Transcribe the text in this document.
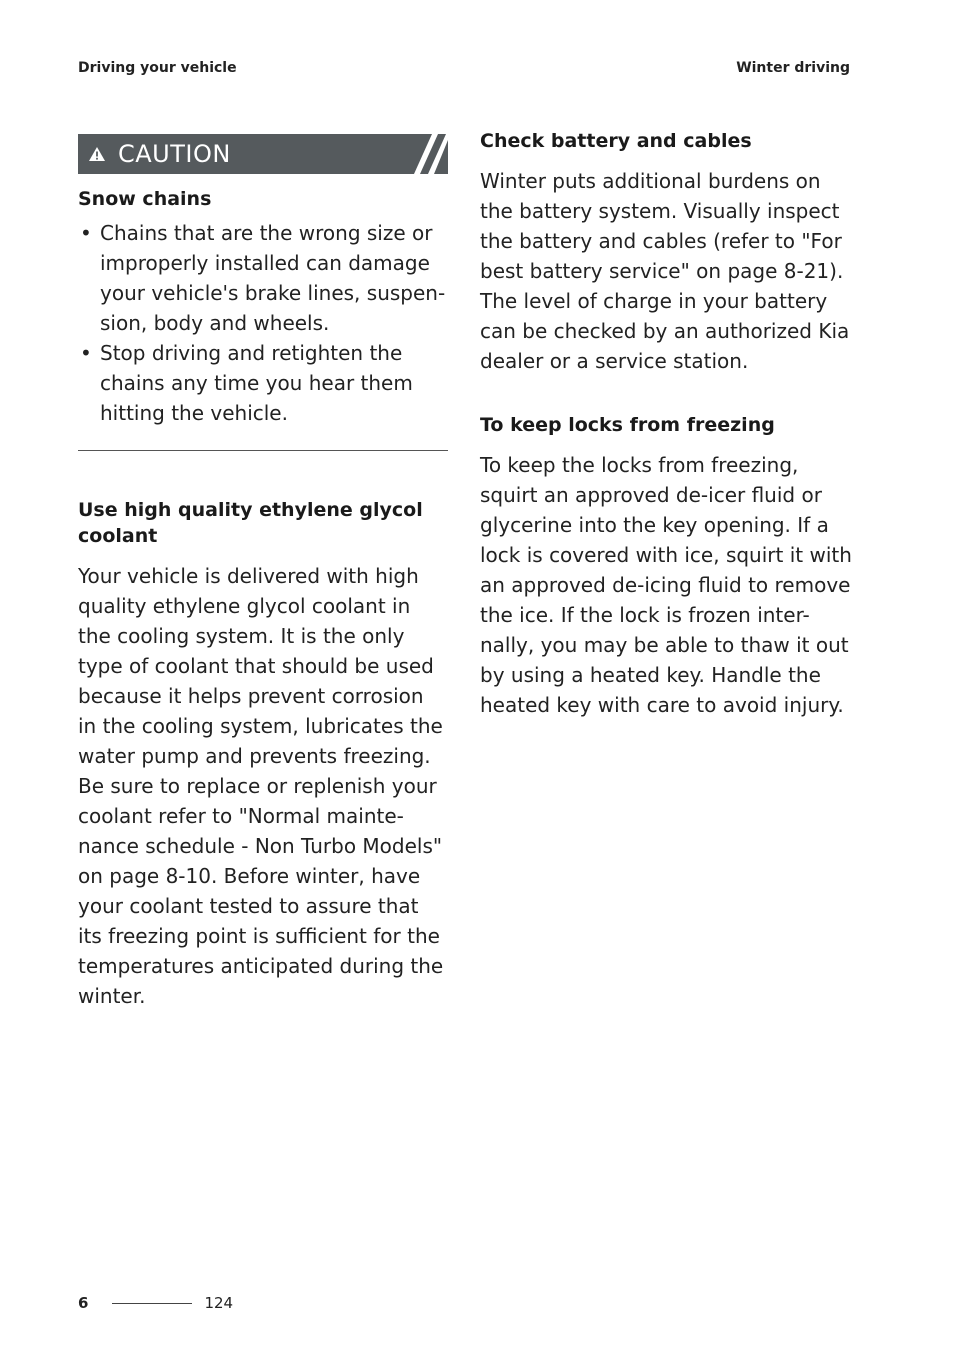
Driving your vehicle	Winter driving
CAUTION
Snow chains
• Chains that are the wrong size or improperly installed can damage your vehicle's brake lines, suspen-sion, body and wheels.
• Stop driving and retighten the chains any time you hear them hitting the vehicle.
Use high quality ethylene glycol coolant

Your vehicle is delivered with high quality ethylene glycol coolant in the cooling system. It is the only type of coolant that should be used because it helps prevent corrosion in the cooling system, lubricates the water pump and prevents freezing. Be sure to replace or replenish your coolant refer to "Normal mainte-nance schedule - Non Turbo Models" on page 8-10. Before winter, have your coolant tested to assure that its freezing point is sufficient for the temperatures anticipated during the winter.

Check battery and cables

Winter puts additional burdens on the battery system. Visually inspect the battery and cables (refer to "For best battery service" on page 8-21). The level of charge in your battery can be checked by an authorized Kia dealer or a service station.

To keep locks from freezing

To keep the locks from freezing, squirt an approved de-icer fluid or glycerine into the key opening. If a lock is covered with ice, squirt it with an approved de-icing fluid to remove the ice. If the lock is frozen inter-nally, you may be able to thaw it out by using a heated key. Handle the heated key with care to avoid injury.

6	124
